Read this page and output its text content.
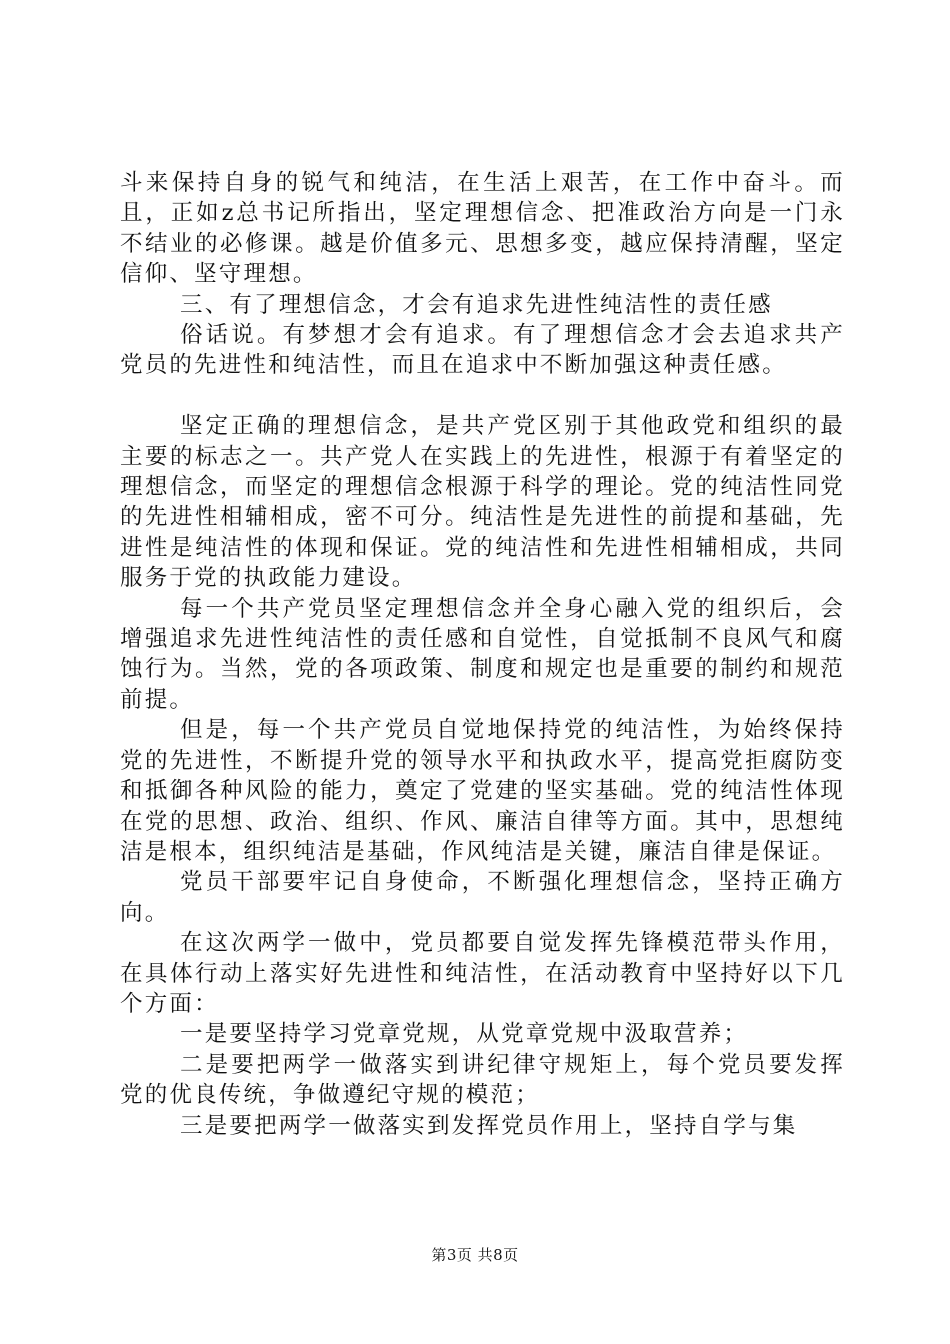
斗来保持自身的锐气和纯洁，在生活上艰苦，在工作中奋斗。而且，正如z总书记所指出，坚定理想信念、把准政治方向是一门永不结业的必修课。越是价值多元、思想多变，越应保持清醒，坚定信仰、坚守理想。

三、有了理想信念，才会有追求先进性纯洁性的责任感

俗话说。有梦想才会有追求。有了理想信念才会去追求共产党员的先进性和纯洁性，而且在追求中不断加强这种责任感。

坚定正确的理想信念，是共产党区别于其他政党和组织的最主要的标志之一。共产党人在实践上的先进性，根源于有着坚定的理想信念，而坚定的理想信念根源于科学的理论。党的纯洁性同党的先进性相辅相成，密不可分。纯洁性是先进性的前提和基础，先进性是纯洁性的体现和保证。党的纯洁性和先进性相辅相成，共同服务于党的执政能力建设。

每一个共产党员坚定理想信念并全身心融入党的组织后，会增强追求先进性纯洁性的责任感和自觉性，自觉抵制不良风气和腐蚀行为。当然，党的各项政策、制度和规定也是重要的制约和规范前提。

但是，每一个共产党员自觉地保持党的纯洁性，为始终保持党的先进性，不断提升党的领导水平和执政水平，提高党拒腐防变和抵御各种风险的能力，奠定了党建的坚实基础。党的纯洁性体现在党的思想、政治、组织、作风、廉洁自律等方面。其中，思想纯洁是根本，组织纯洁是基础，作风纯洁是关键，廉洁自律是保证。

党员干部要牢记自身使命，不断强化理想信念，坚持正确方向。

在这次两学一做中，党员都要自觉发挥先锋模范带头作用，在具体行动上落实好先进性和纯洁性，在活动教育中坚持好以下几个方面：

一是要坚持学习党章党规，从党章党规中汲取营养；

二是要把两学一做落实到讲纪律守规矩上，每个党员要发挥党的优良传统，争做遵纪守规的模范；

三是要把两学一做落实到发挥党员作用上，坚持自学与集

第3页 共8页
